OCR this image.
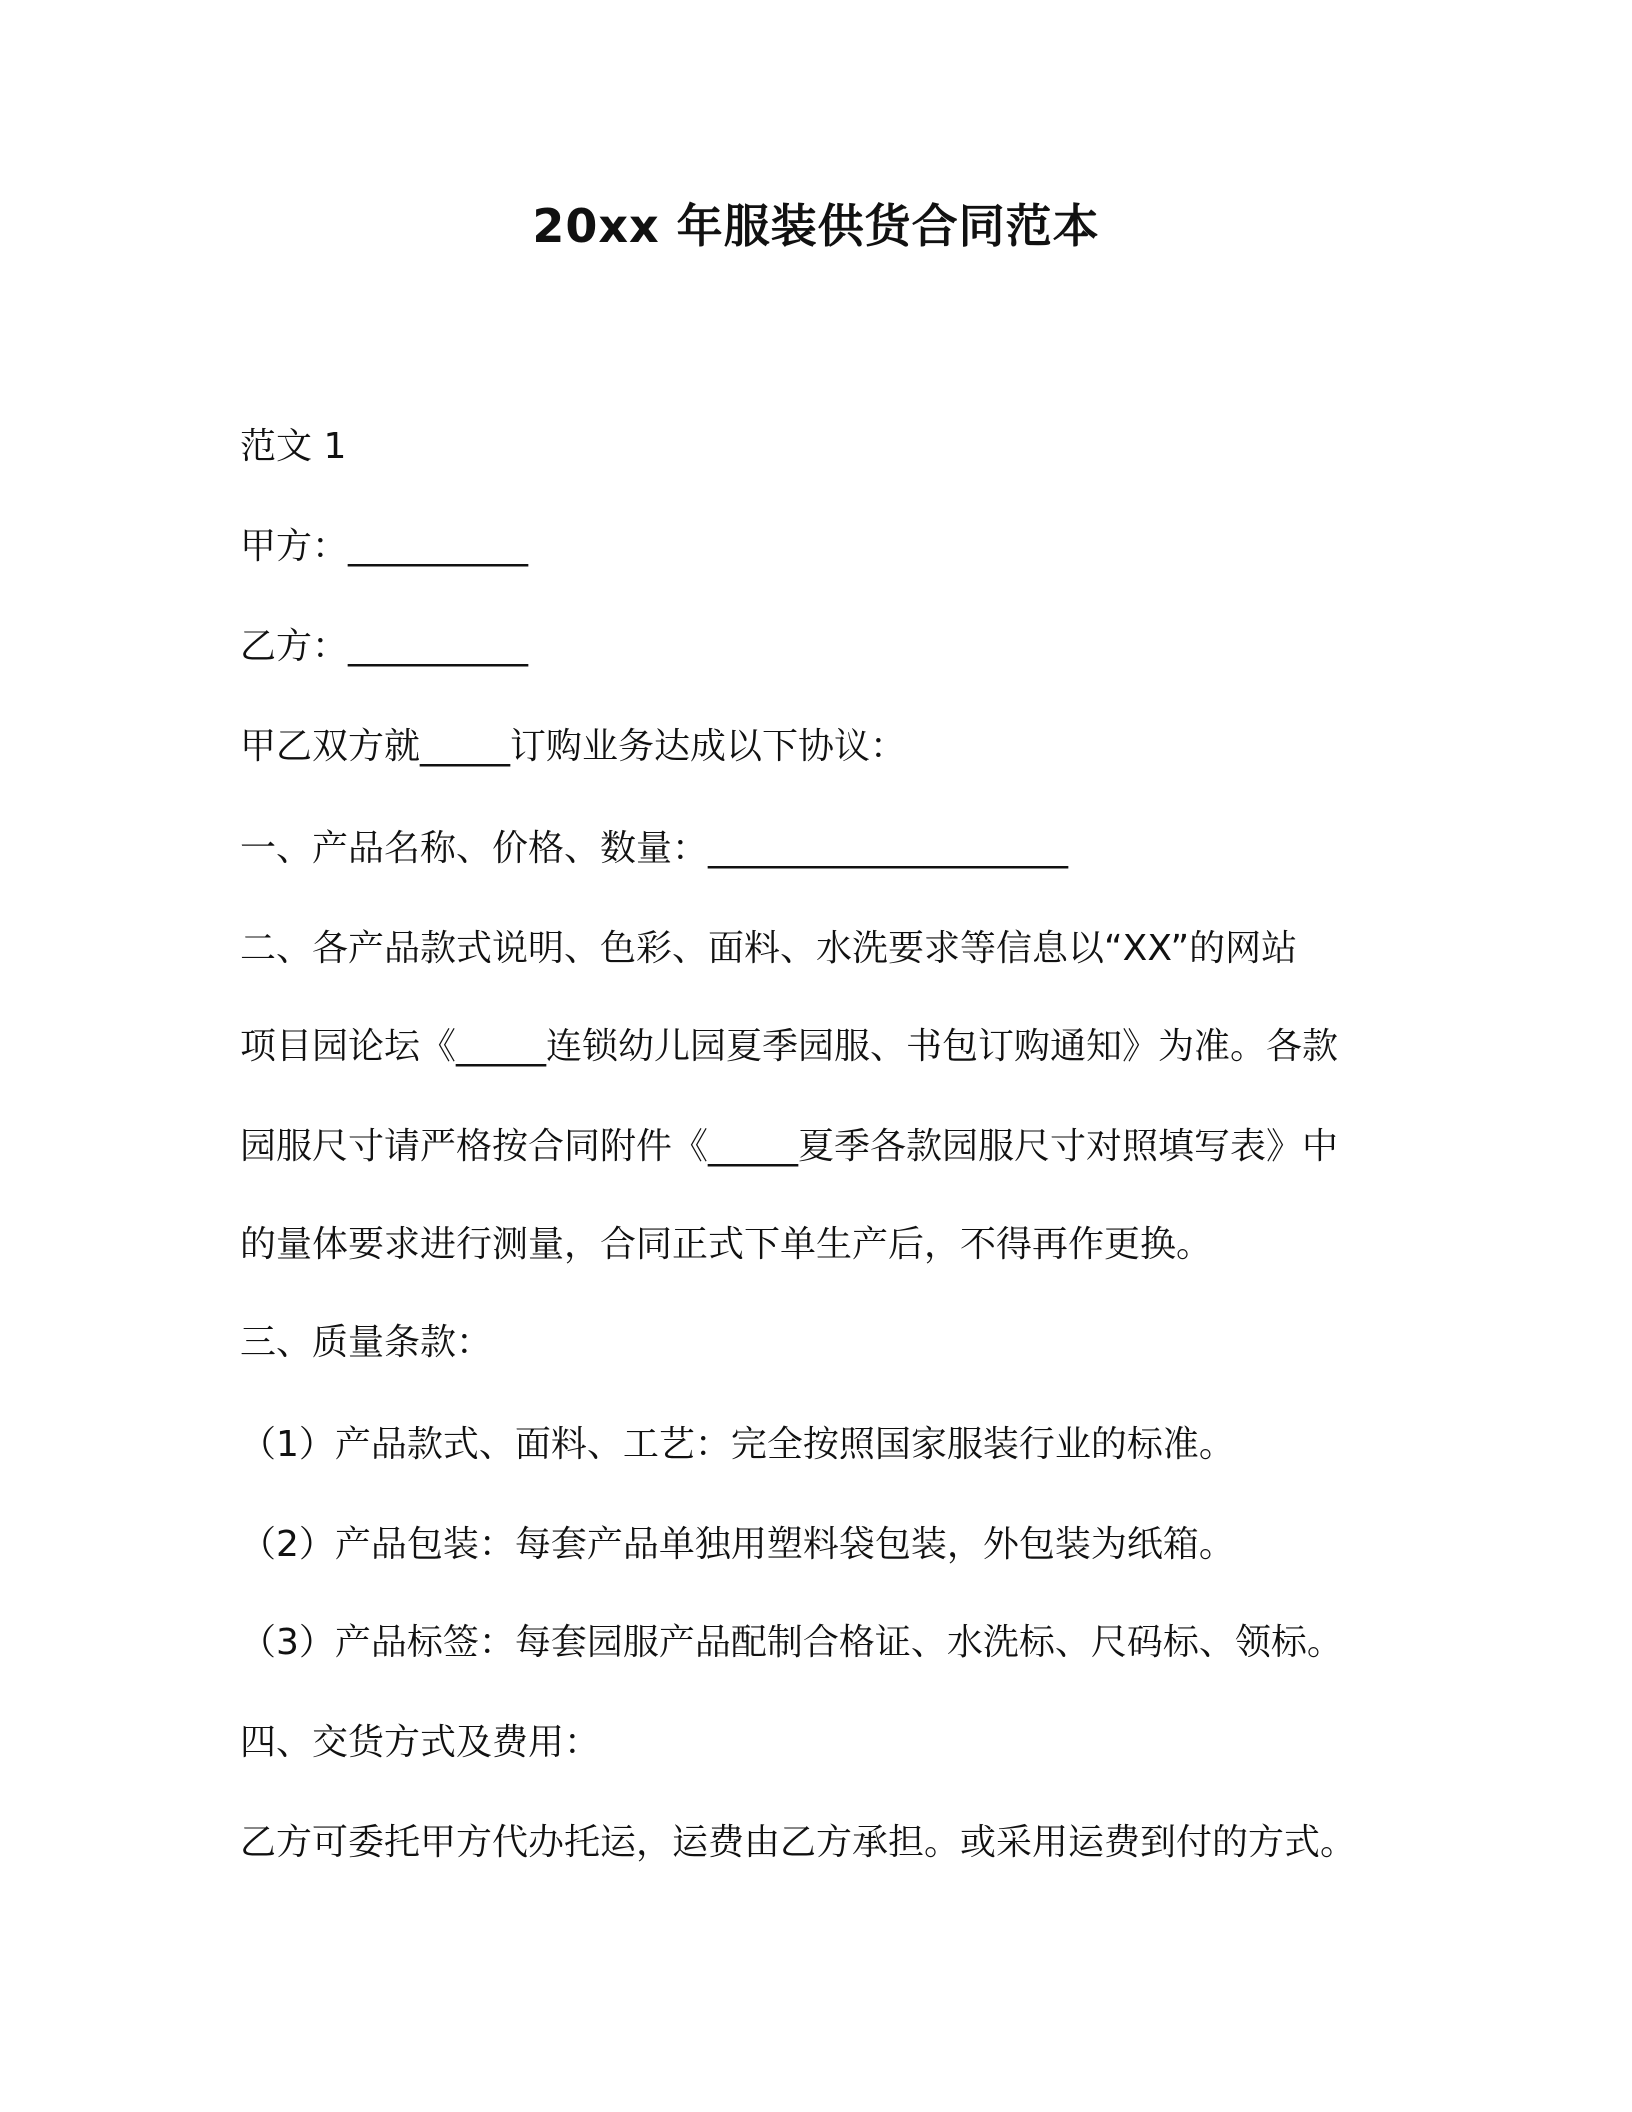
20xx 年服装供货合同范本
范文 1
甲方：__________
乙方：__________
甲乙双方就_____订购业务达成以下协议：
一、产品名称、价格、数量：____________________
二、各产品款式说明、色彩、面料、水洗要求等信息以“XX”的网站
项目园论坛《_____连锁幼儿园夏季园服、书包订购通知》为准。各款
园服尺寸请严格按合同附件《_____夏季各款园服尺寸对照填写表》中
的量体要求进行测量，合同正式下单生产后，不得再作更换。
三、质量条款：
（1）产品款式、面料、工艺：完全按照国家服装行业的标准。
（2）产品包装：每套产品单独用塑料袋包装，外包装为纸箱。
（3）产品标签：每套园服产品配制合格证、水洗标、尺码标、领标。
四、交货方式及费用：
乙方可委托甲方代办托运，运费由乙方承担。或采用运费到付的方式。
